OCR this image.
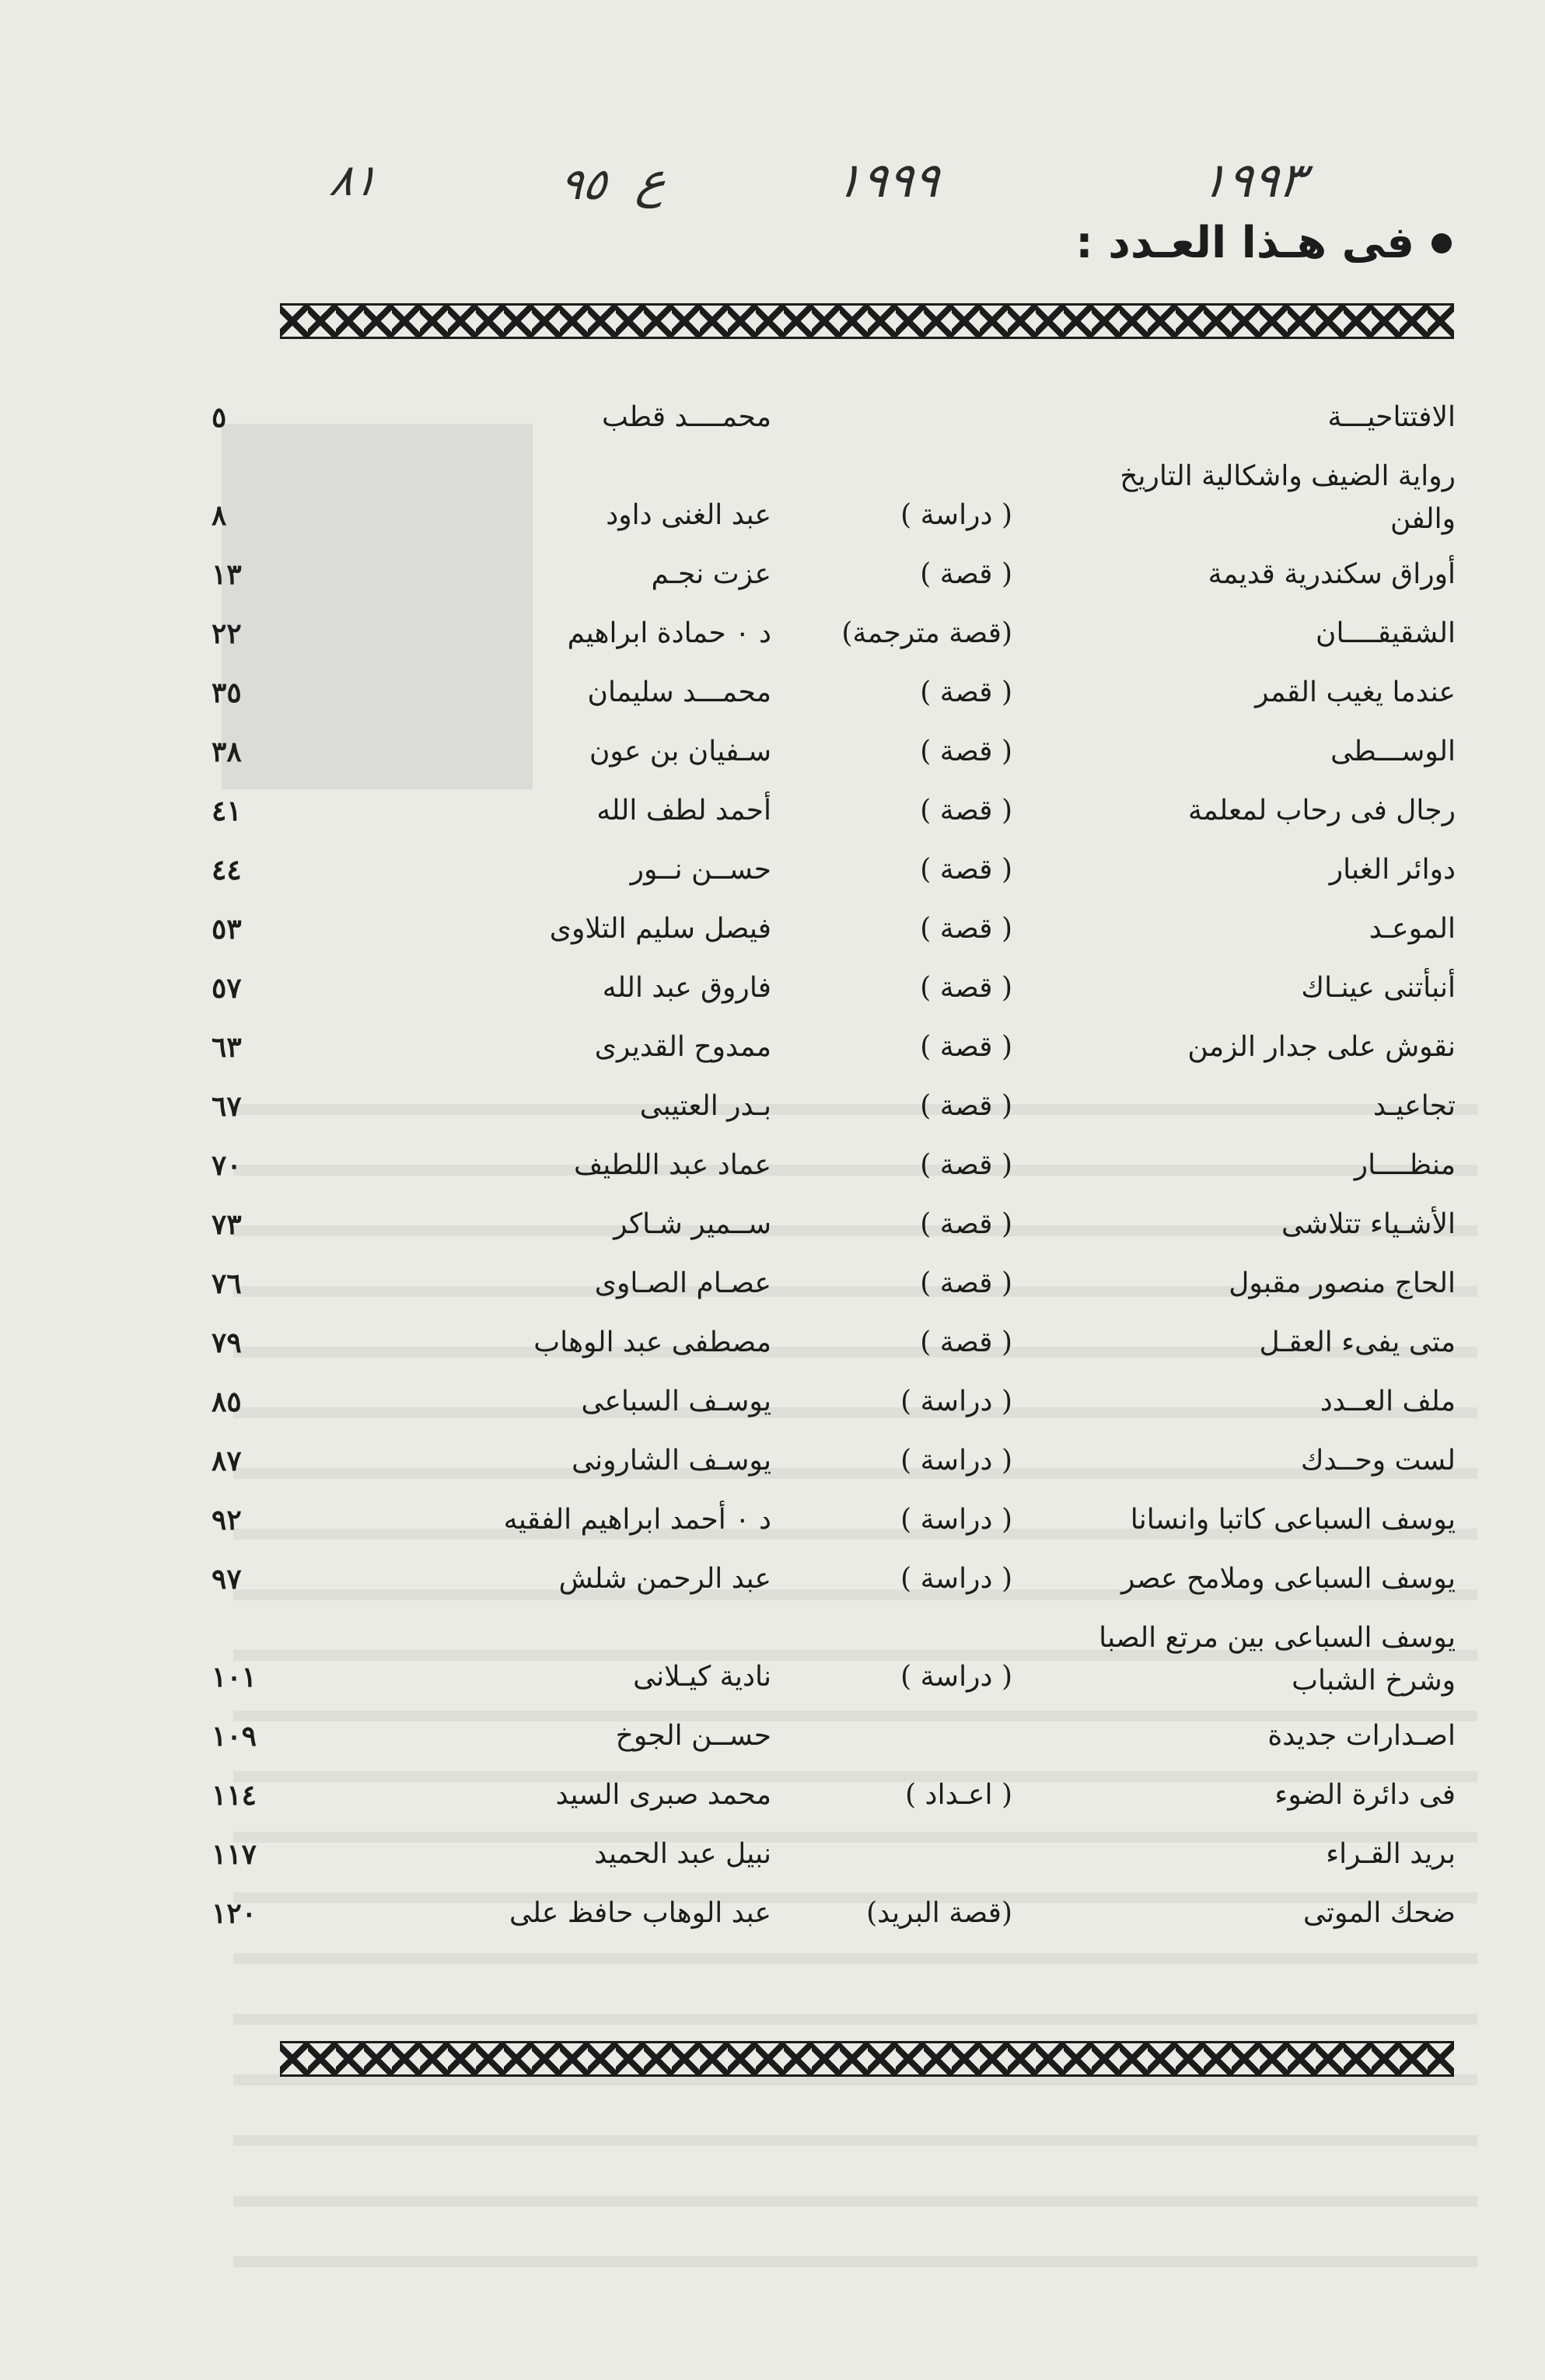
١٩٩٣
١٩٩٩
ع
٩٥
٨١
فى هـذا العـدد :
الافتتاحيـــة
محمــــد قطب
٥
رواية الضيف واشكالية التاريخ
والفن
( دراسة )
عبد الغنى داود
٨
أوراق سكندرية قديمة
( قصة )
عزت نجـم
١٣
الشقيقــــان
(قصة مترجمة)
د ٠ حمادة ابراهيم
٢٢
عندما يغيب القمر
( قصة )
محمـــد سليمان
٣٥
الوســـطى
( قصة )
سـفيان بن عون
٣٨
رجال فى رحاب لمعلمة
( قصة )
أحمد لطف الله
٤١
دوائر الغبار
( قصة )
حســن نــور
٤٤
الموعـد
( قصة )
فيصل سليم التلاوى
٥٣
أنبأتنى عينـاك
( قصة )
فاروق عبد الله
٥٧
نقوش على جدار الزمن
( قصة )
ممدوح القديرى
٦٣
تجاعيـد
( قصة )
بـدر العتيبى
٦٧
منظــــار
( قصة )
عماد عبد اللطيف
٧٠
الأشـياء تتلاشى
( قصة )
ســمير شـاكر
٧٣
الحاج منصور مقبول
( قصة )
عصـام الصـاوى
٧٦
متى يفىء العقـل
( قصة )
مصطفى عبد الوهاب
٧٩
ملف العــدد
( دراسة )
يوسـف السباعى
٨٥
لست وحــدك
( دراسة )
يوسـف الشارونى
٨٧
يوسف السباعى كاتبا وانسانا
( دراسة )
د ٠ أحمد ابراهيم الفقيه
٩٢
يوسف السباعى وملامح عصر
( دراسة )
عبد الرحمن شلش
٩٧
يوسف السباعى بين مرتع الصبا
وشرخ الشباب
( دراسة )
نادية كيـلانى
١٠١
اصـدارات جديدة
حســن الجوخ
١٠٩
فى دائرة الضوء
( اعـداد )
محمد صبرى السيد
١١٤
بريد القـراء
نبيل عبد الحميد
١١٧
ضحك الموتى
(قصة البريد)
عبد الوهاب حافظ على
١٢٠
